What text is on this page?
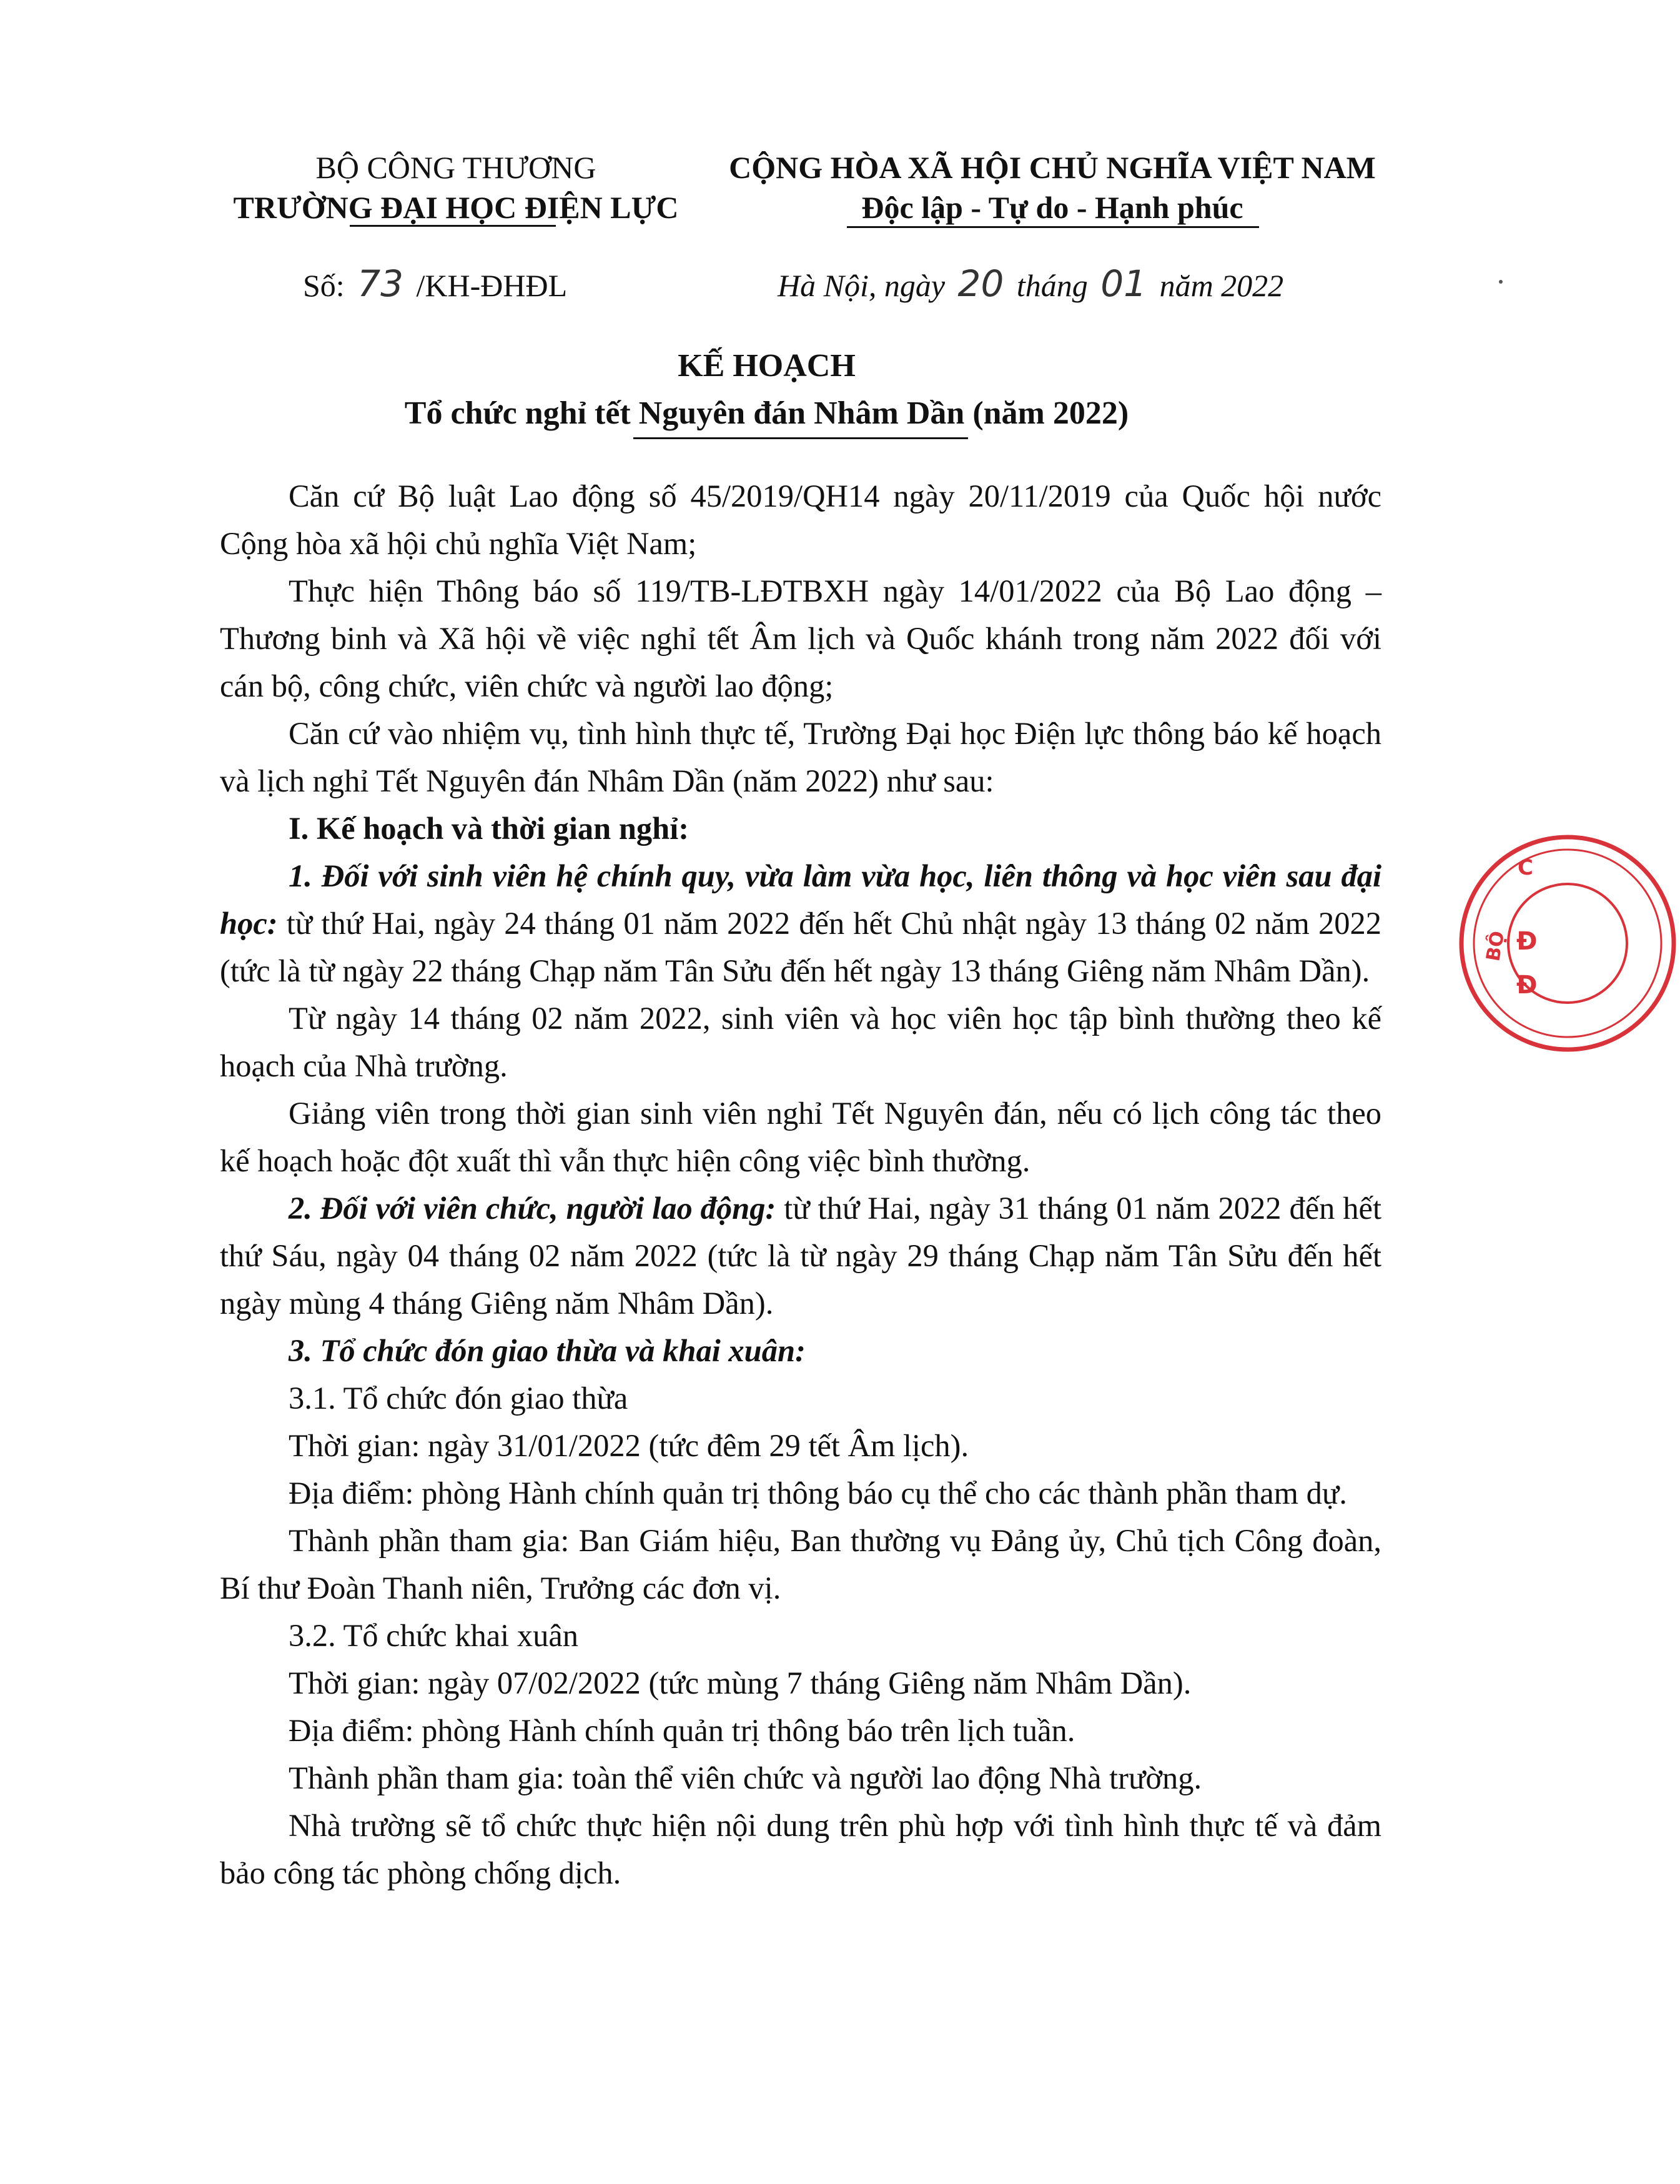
BỘ CÔNG THƯƠNG
TRƯỜNG ĐẠI HỌC ĐIỆN LỰC
CỘNG HÒA XÃ HỘI CHỦ NGHĨA VIỆT NAM
Độc lập - Tự do - Hạnh phúc
Số: 73 /KH-ĐHĐL	Hà Nội, ngày 20 tháng 01 năm 2022
KẾ HOẠCH
Tổ chức nghỉ tết Nguyên đán Nhâm Dần (năm 2022)

Căn cứ Bộ luật Lao động số 45/2019/QH14 ngày 20/11/2019 của Quốc hội nước Cộng hòa xã hội chủ nghĩa Việt Nam;

Thực hiện Thông báo số 119/TB-LĐTBXH ngày 14/01/2022 của Bộ Lao động – Thương binh và Xã hội về việc nghỉ tết Âm lịch và Quốc khánh trong năm 2022 đối với cán bộ, công chức, viên chức và người lao động;

Căn cứ vào nhiệm vụ, tình hình thực tế, Trường Đại học Điện lực thông báo kế hoạch và lịch nghỉ Tết Nguyên đán Nhâm Dần (năm 2022) như sau:

I. Kế hoạch và thời gian nghỉ:

1. Đối với sinh viên hệ chính quy, vừa làm vừa học, liên thông và học viên sau đại học: từ thứ Hai, ngày 24 tháng 01 năm 2022 đến hết Chủ nhật ngày 13 tháng 02 năm 2022 (tức là từ ngày 22 tháng Chạp năm Tân Sửu đến hết ngày 13 tháng Giêng năm Nhâm Dần).

Từ ngày 14 tháng 02 năm 2022, sinh viên và học viên học tập bình thường theo kế hoạch của Nhà trường.

Giảng viên trong thời gian sinh viên nghỉ Tết Nguyên đán, nếu có lịch công tác theo kế hoạch hoặc đột xuất thì vẫn thực hiện công việc bình thường.

2. Đối với viên chức, người lao động: từ thứ Hai, ngày 31 tháng 01 năm 2022 đến hết thứ Sáu, ngày 04 tháng 02 năm 2022 (tức là từ ngày 29 tháng Chạp năm Tân Sửu đến hết ngày mùng 4 tháng Giêng năm Nhâm Dần).

3. Tổ chức đón giao thừa và khai xuân:

3.1. Tổ chức đón giao thừa

Thời gian: ngày 31/01/2022 (tức đêm 29 tết Âm lịch).

Địa điểm: phòng Hành chính quản trị thông báo cụ thể cho các thành phần tham dự.

Thành phần tham gia: Ban Giám hiệu, Ban thường vụ Đảng ủy, Chủ tịch Công đoàn, Bí thư Đoàn Thanh niên, Trưởng các đơn vị.

3.2. Tổ chức khai xuân

Thời gian: ngày 07/02/2022 (tức mùng 7 tháng Giêng năm Nhâm Dần).

Địa điểm: phòng Hành chính quản trị thông báo trên lịch tuần.

Thành phần tham gia: toàn thể viên chức và người lao động Nhà trường.

Nhà trường sẽ tổ chức thực hiện nội dung trên phù hợp với tình hình thực tế và đảm bảo công tác phòng chống dịch.

C
BỘ Đ
Đ
